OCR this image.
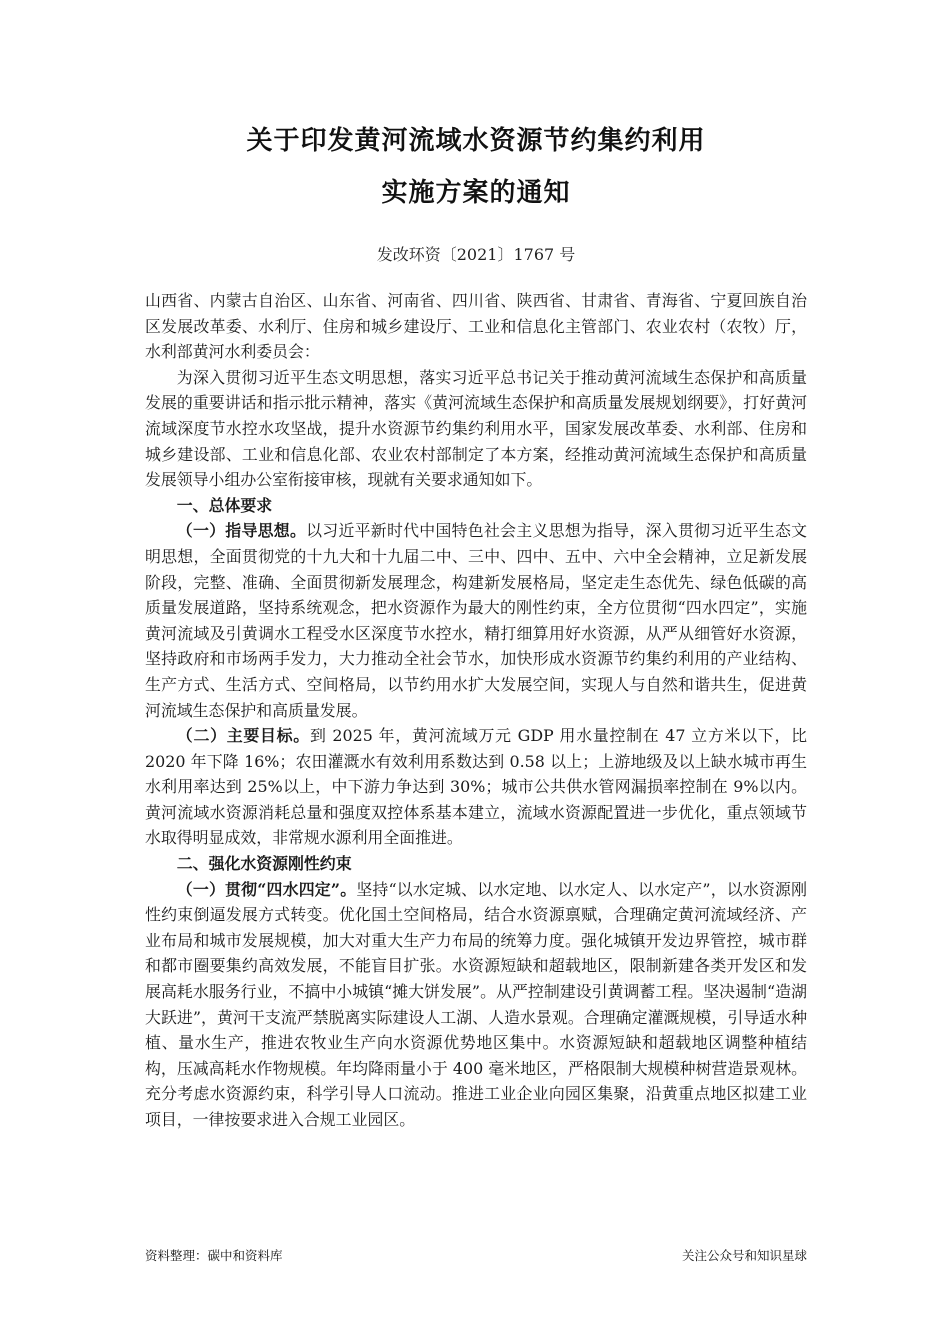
关于印发黄河流域水资源节约集约利用
实施方案的通知
发改环资〔2021〕1767 号

山西省、内蒙古自治区、山东省、河南省、四川省、陕西省、甘肃省、青海省、宁夏回族自治区发展改革委、水利厅、住房和城乡建设厅、工业和信息化主管部门、农业农村（农牧）厅，水利部黄河水利委员会：

为深入贯彻习近平生态文明思想，落实习近平总书记关于推动黄河流域生态保护和高质量发展的重要讲话和指示批示精神，落实《黄河流域生态保护和高质量发展规划纲要》，打好黄河流域深度节水控水攻坚战，提升水资源节约集约利用水平，国家发展改革委、水利部、住房和城乡建设部、工业和信息化部、农业农村部制定了本方案，经推动黄河流域生态保护和高质量发展领导小组办公室衔接审核，现就有关要求通知如下。

一、总体要求

（一）指导思想。以习近平新时代中国特色社会主义思想为指导，深入贯彻习近平生态文明思想，全面贯彻党的十九大和十九届二中、三中、四中、五中、六中全会精神，立足新发展阶段，完整、准确、全面贯彻新发展理念，构建新发展格局，坚定走生态优先、绿色低碳的高质量发展道路，坚持系统观念，把水资源作为最大的刚性约束，全方位贯彻“四水四定”，实施黄河流域及引黄调水工程受水区深度节水控水，精打细算用好水资源，从严从细管好水资源，坚持政府和市场两手发力，大力推动全社会节水，加快形成水资源节约集约利用的产业结构、生产方式、生活方式、空间格局，以节约用水扩大发展空间，实现人与自然和谐共生，促进黄河流域生态保护和高质量发展。

（二）主要目标。到 2025 年，黄河流域万元 GDP 用水量控制在 47 立方米以下，比 2020 年下降 16%；农田灌溉水有效利用系数达到 0.58 以上；上游地级及以上缺水城市再生水利用率达到 25%以上，中下游力争达到 30%；城市公共供水管网漏损率控制在 9%以内。黄河流域水资源消耗总量和强度双控体系基本建立，流域水资源配置进一步优化，重点领域节水取得明显成效，非常规水源利用全面推进。

二、强化水资源刚性约束

（一）贯彻“四水四定”。坚持“以水定城、以水定地、以水定人、以水定产”，以水资源刚性约束倒逼发展方式转变。优化国土空间格局，结合水资源禀赋，合理确定黄河流域经济、产业布局和城市发展规模，加大对重大生产力布局的统筹力度。强化城镇开发边界管控，城市群和都市圈要集约高效发展，不能盲目扩张。水资源短缺和超载地区，限制新建各类开发区和发展高耗水服务行业，不搞中小城镇“摊大饼发展”。从严控制建设引黄调蓄工程。坚决遏制“造湖大跃进”，黄河干支流严禁脱离实际建设人工湖、人造水景观。合理确定灌溉规模，引导适水种植、量水生产，推进农牧业生产向水资源优势地区集中。水资源短缺和超载地区调整种植结构，压减高耗水作物规模。年均降雨量小于 400 毫米地区，严格限制大规模种树营造景观林。充分考虑水资源约束，科学引导人口流动。推进工业企业向园区集聚，沿黄重点地区拟建工业项目，一律按要求进入合规工业园区。

资料整理：碳中和资料库	关注公众号和知识星球
